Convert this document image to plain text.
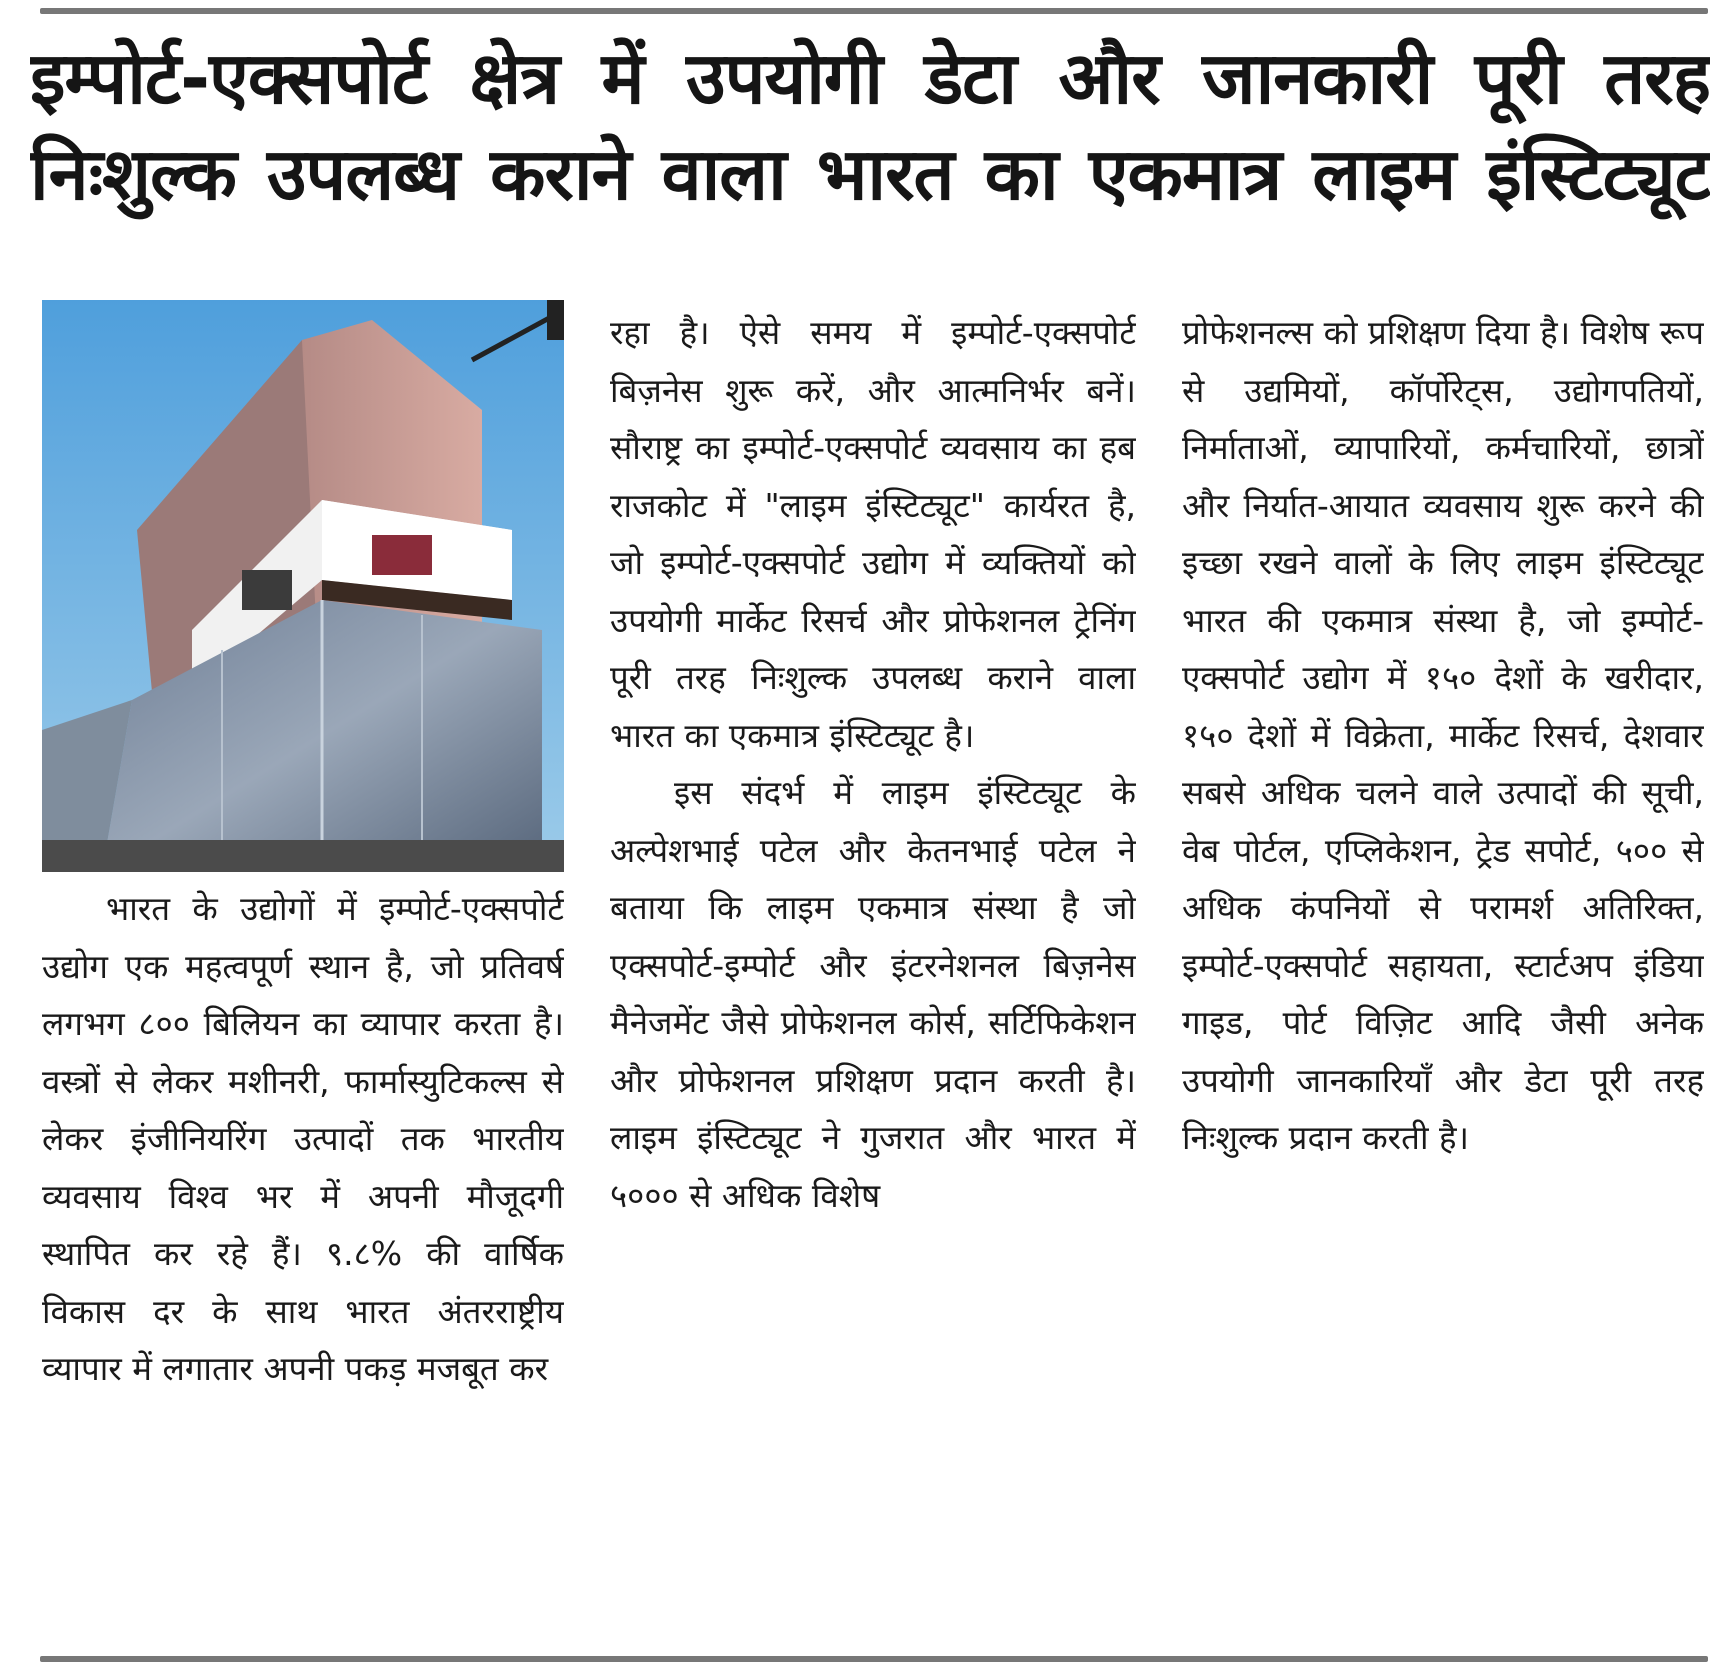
इम्पोर्ट-एक्सपोर्ट क्षेत्र में उपयोगी डेटा और जानकारी पूरी तरह
निःशुल्क उपलब्ध कराने वाला भारत का एकमात्र लाइम इंस्टिट्यूट

भारत के उद्योगों में इम्पोर्ट-एक्सपोर्ट उद्योग एक महत्वपूर्ण स्थान है, जो प्रतिवर्ष लगभग ८०० बिलियन का व्यापार करता है। वस्त्रों से लेकर मशीनरी, फार्मास्युटिकल्स से लेकर इंजीनियरिंग उत्पादों तक भारतीय व्यवसाय विश्व भर में अपनी मौजूदगी स्थापित कर रहे हैं। ९.८% की वार्षिक विकास दर के साथ भारत अंतरराष्ट्रीय व्यापार में लगातार अपनी पकड़ मजबूत कर

रहा है। ऐसे समय में इम्पोर्ट-एक्सपोर्ट बिज़नेस शुरू करें, और आत्मनिर्भर बनें। सौराष्ट्र का इम्पोर्ट-एक्सपोर्ट व्यवसाय का हब राजकोट में "लाइम इंस्टिट्यूट" कार्यरत है, जो इम्पोर्ट-एक्सपोर्ट उद्योग में व्यक्तियों को उपयोगी मार्केट रिसर्च और प्रोफेशनल ट्रेनिंग पूरी तरह निःशुल्क उपलब्ध कराने वाला भारत का एकमात्र इंस्टिट्यूट है।

इस संदर्भ में लाइम इंस्टिट्यूट के अल्पेशभाई पटेल और केतनभाई पटेल ने बताया कि लाइम एकमात्र संस्था है जो एक्सपोर्ट-इम्पोर्ट और इंटरनेशनल बिज़नेस मैनेजमेंट जैसे प्रोफेशनल कोर्स, सर्टिफिकेशन और प्रोफेशनल प्रशिक्षण प्रदान करती है। लाइम इंस्टिट्यूट ने गुजरात और भारत में ५००० से अधिक विशेष

प्रोफेशनल्स को प्रशिक्षण दिया है। विशेष रूप से उद्यमियों, कॉर्पोरेट्स, उद्योगपतियों, निर्माताओं, व्यापारियों, कर्मचारियों, छात्रों और निर्यात-आयात व्यवसाय शुरू करने की इच्छा रखने वालों के लिए लाइम इंस्टिट्यूट भारत की एकमात्र संस्था है, जो इम्पोर्ट-एक्सपोर्ट उद्योग में १५० देशों के खरीदार, १५० देशों में विक्रेता, मार्केट रिसर्च, देशवार सबसे अधिक चलने वाले उत्पादों की सूची, वेब पोर्टल, एप्लिकेशन, ट्रेड सपोर्ट, ५०० से अधिक कंपनियों से परामर्श अतिरिक्त, इम्पोर्ट-एक्सपोर्ट सहायता, स्टार्टअप इंडिया गाइड, पोर्ट विज़िट आदि जैसी अनेक उपयोगी जानकारियाँ और डेटा पूरी तरह निःशुल्क प्रदान करती है।
